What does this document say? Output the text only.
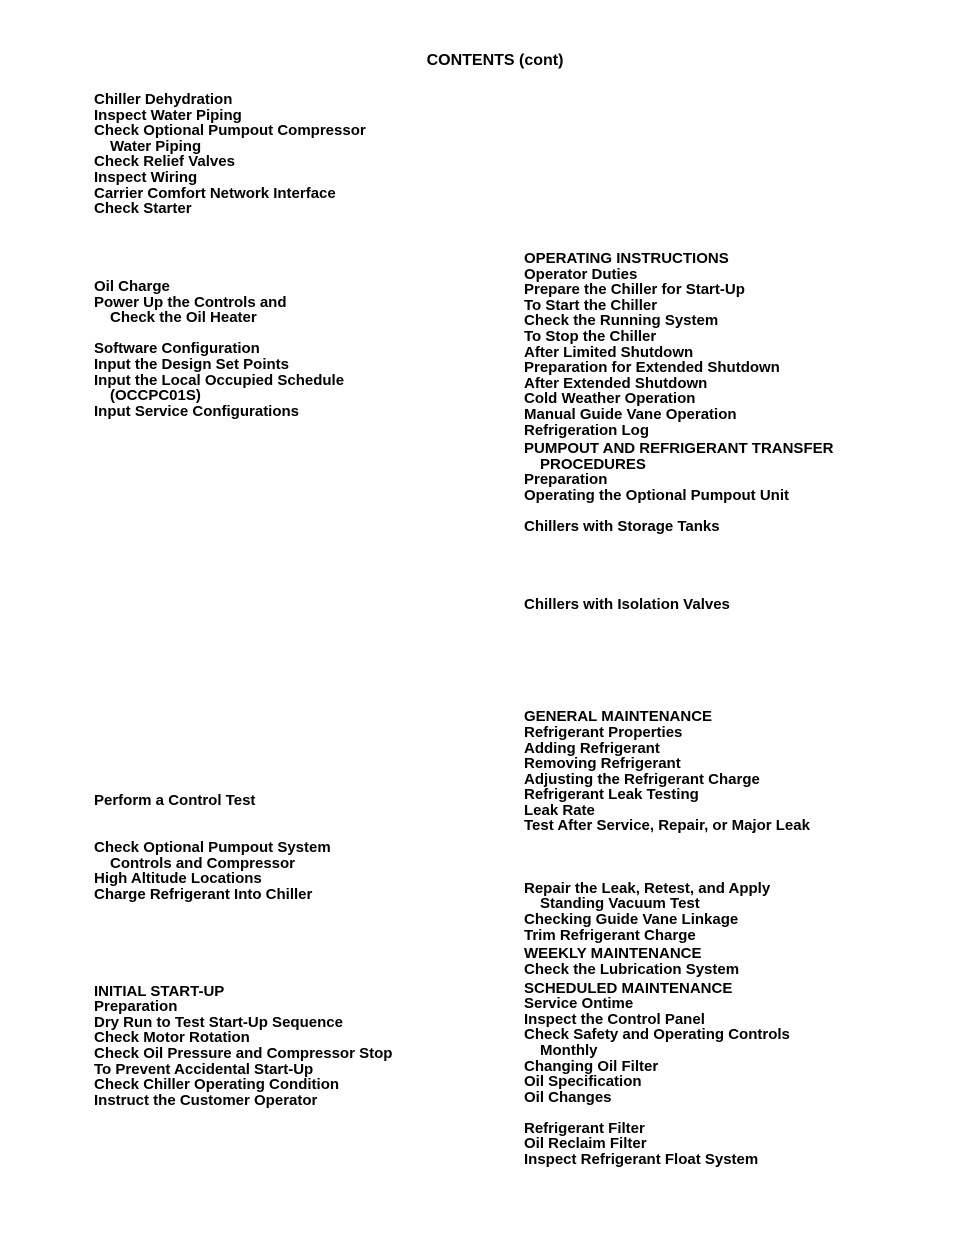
CONTENTS (cont)
Chiller Dehydration
Inspect Water Piping
Check Optional Pumpout Compressor
Water Piping
Check Relief Valves
Inspect Wiring
Carrier Comfort Network Interface
Check Starter
Oil Charge
Power Up the Controls and
Check the Oil Heater
Software Configuration
Input the Design Set Points
Input the Local Occupied Schedule
(OCCPC01S)
Input Service Configurations
Perform a Control Test
Check Optional Pumpout System
Controls and Compressor
High Altitude Locations
Charge Refrigerant Into Chiller
INITIAL START-UP
Preparation
Dry Run to Test Start-Up Sequence
Check Motor Rotation
Check Oil Pressure and Compressor Stop
To Prevent Accidental Start-Up
Check Chiller Operating Condition
Instruct the Customer Operator
OPERATING INSTRUCTIONS
Operator Duties
Prepare the Chiller for Start-Up
To Start the Chiller
Check the Running System
To Stop the Chiller
After Limited Shutdown
Preparation for Extended Shutdown
After Extended Shutdown
Cold Weather Operation
Manual Guide Vane Operation
Refrigeration Log
PUMPOUT AND REFRIGERANT TRANSFER
PROCEDURES
Preparation
Operating the Optional Pumpout Unit
Chillers with Storage Tanks
Chillers with Isolation Valves
GENERAL MAINTENANCE
Refrigerant Properties
Adding Refrigerant
Removing Refrigerant
Adjusting the Refrigerant Charge
Refrigerant Leak Testing
Leak Rate
Test After Service, Repair, or Major Leak
Repair the Leak, Retest, and Apply
Standing Vacuum Test
Checking Guide Vane Linkage
Trim Refrigerant Charge
WEEKLY MAINTENANCE
Check the Lubrication System
SCHEDULED MAINTENANCE
Service Ontime
Inspect the Control Panel
Check Safety and Operating Controls
Monthly
Changing Oil Filter
Oil Specification
Oil Changes
Refrigerant Filter
Oil Reclaim Filter
Inspect Refrigerant Float System
